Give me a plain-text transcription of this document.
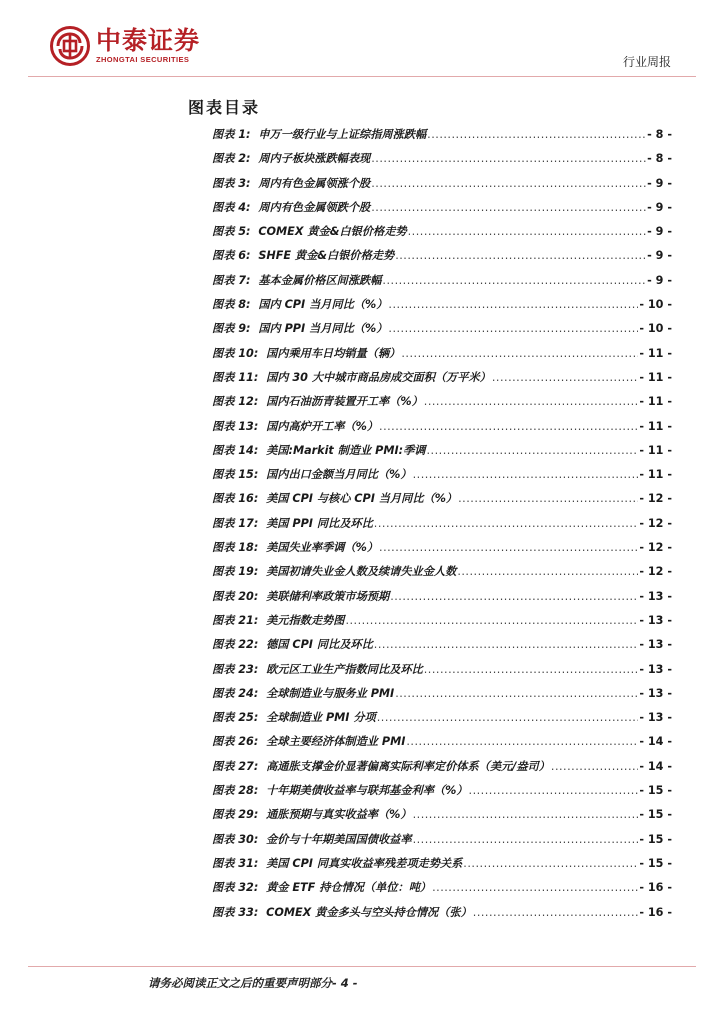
中泰证券
ZHONGTAI SECURITIES	行业周报
图表目录
图表 1:
申万一级行业与上证综指周涨跌幅 .....	- 8 -
图表 2:
周内子板块涨跌幅表现 .....	- 8 -
图表 3:
周内有色金属领涨个股 .....	- 9 -
图表 4:
周内有色金属领跌个股 .....	- 9 -
图表 5:
COMEX 黄金&白银价格走势 .....	- 9 -
图表 6:
SHFE 黄金&白银价格走势 .....	- 9 -
图表 7:
基本金属价格区间涨跌幅 .....	- 9 -
图表 8:
国内 CPI 当月同比（%） .....	- 10 -
图表 9:
国内 PPI 当月同比（%） .....	- 10 -
图表 10:
国内乘用车日均销量（辆） .....	- 11 -
图表 11:
国内 30 大中城市商品房成交面积（万平米） .....	- 11 -
图表 12:
国内石油沥青装置开工率（%） .....	- 11 -
图表 13:
国内高炉开工率（%） .....	- 11 -
图表 14:
美国:Markit 制造业 PMI:季调 .....	- 11 -
图表 15:
国内出口金额当月同比（%） .....	- 11 -
图表 16:
美国 CPI 与核心 CPI 当月同比（%） .....	- 12 -
图表 17:
美国 PPI 同比及环比 .....	- 12 -
图表 18:
美国失业率季调（%） .....	- 12 -
图表 19:
美国初请失业金人数及续请失业金人数 .....	- 12 -
图表 20:
美联储利率政策市场预期 .....	- 13 -
图表 21:
美元指数走势图 .....	- 13 -
图表 22:
德国 CPI 同比及环比 .....	- 13 -
图表 23:
欧元区工业生产指数同比及环比 .....	- 13 -
图表 24:
全球制造业与服务业 PMI .....	- 13 -
图表 25:
全球制造业 PMI 分项 .....	- 13 -
图表 26:
全球主要经济体制造业 PMI .....	- 14 -
图表 27:
高通胀支撑金价显著偏离实际利率定价体系（美元/盎司） .....	- 14 -
图表 28:
十年期美债收益率与联邦基金利率（%） .....	- 15 -
图表 29:
通胀预期与真实收益率（%） .....	- 15 -
图表 30:
金价与十年期美国国债收益率 .....	- 15 -
图表 31:
美国 CPI 同真实收益率残差项走势关系 .....	- 15 -
图表 32:
黄金 ETF 持仓情况（单位：吨） .....	- 16 -
图表 33:
COMEX 黄金多头与空头持仓情况（张） .....	- 16 -
请务必阅读正文之后的重要声明部分- 4 -
